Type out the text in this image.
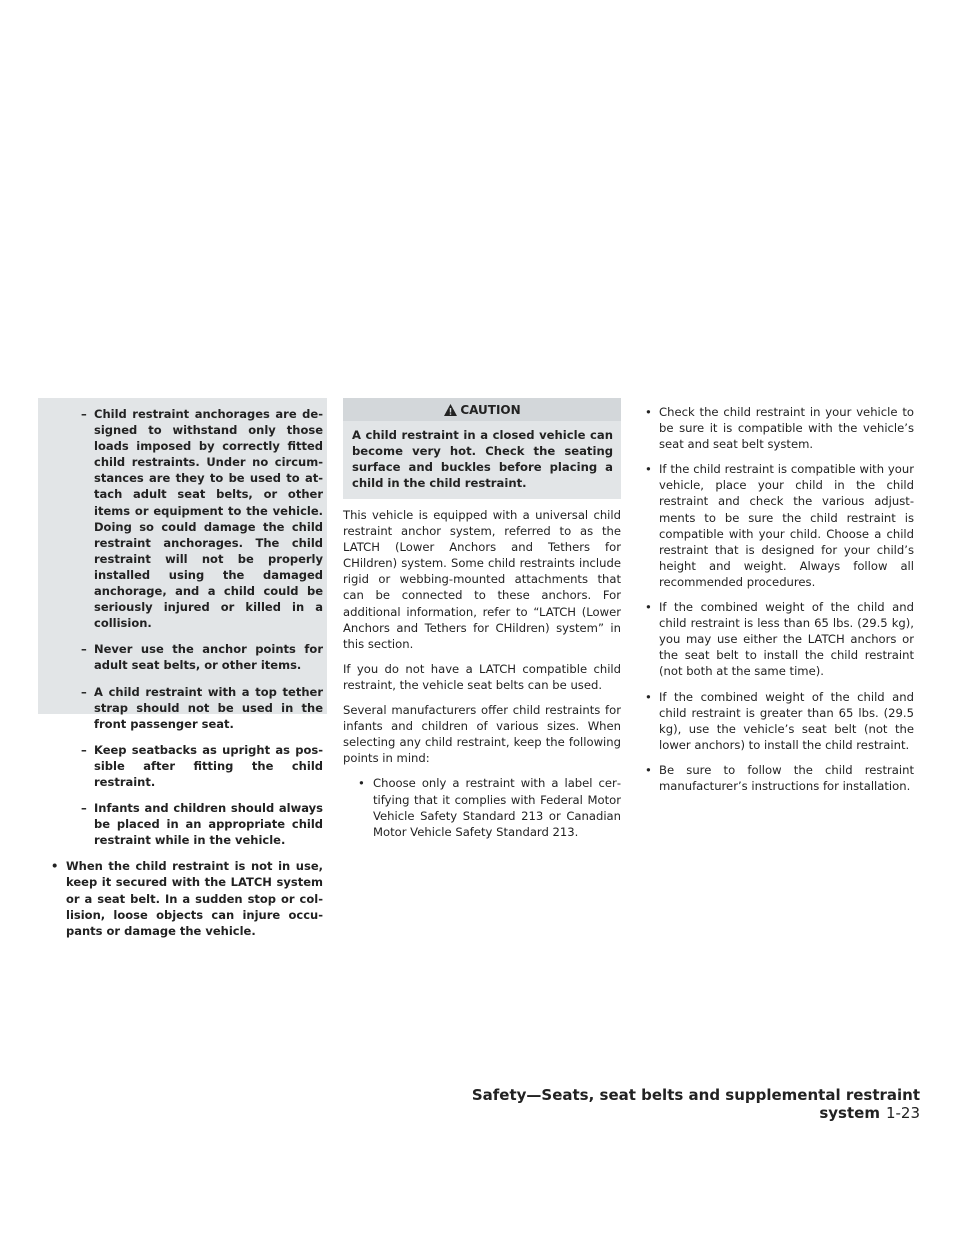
– Child restraint anchorages are designed to withstand only those loads imposed by correctly fitted child restraints. Under no circumstances are they to be used to attach adult seat belts, or other items or equipment to the vehicle. Doing so could damage the child restraint anchorages. The child restraint will not be properly installed using the damaged anchorage, and a child could be seriously injured or killed in a collision.
– Never use the anchor points for adult seat belts, or other items.
– A child restraint with a top tether strap should not be used in the front passenger seat.
– Keep seatbacks as upright as possible after fitting the child restraint.
– Infants and children should always be placed in an appropriate child restraint while in the vehicle.
• When the child restraint is not in use, keep it secured with the LATCH system or a seat belt. In a sudden stop or collision, loose objects can injure occupants or damage the vehicle.
CAUTION
A child restraint in a closed vehicle can become very hot. Check the seating surface and buckles before placing a child in the child restraint.

This vehicle is equipped with a universal child restraint anchor system, referred to as the LATCH (Lower Anchors and Tethers for CHildren) system. Some child restraints include rigid or webbing-mounted attachments that can be connected to these anchors. For additional information, refer to “LATCH (Lower Anchors and Tethers for CHildren) system” in this section.

If you do not have a LATCH compatible child restraint, the vehicle seat belts can be used.

Several manufacturers offer child restraints for infants and children of various sizes. When selecting any child restraint, keep the following points in mind:

• Choose only a restraint with a label certifying that it complies with Federal Motor Vehicle Safety Standard 213 or Canadian Motor Vehicle Safety Standard 213.
• Check the child restraint in your vehicle to be sure it is compatible with the vehicle’s seat and seat belt system.
• If the child restraint is compatible with your vehicle, place your child in the child restraint and check the various adjustments to be sure the child restraint is compatible with your child. Choose a child restraint that is designed for your child’s height and weight. Always follow all recommended procedures.
• If the combined weight of the child and child restraint is less than 65 lbs. (29.5 kg), you may use either the LATCH anchors or the seat belt to install the child restraint (not both at the same time).
• If the combined weight of the child and child restraint is greater than 65 lbs. (29.5 kg), use the vehicle’s seat belt (not the lower anchors) to install the child restraint.
• Be sure to follow the child restraint manufacturer’s instructions for installation.
Safety—Seats, seat belts and supplemental restraint system 1-23
